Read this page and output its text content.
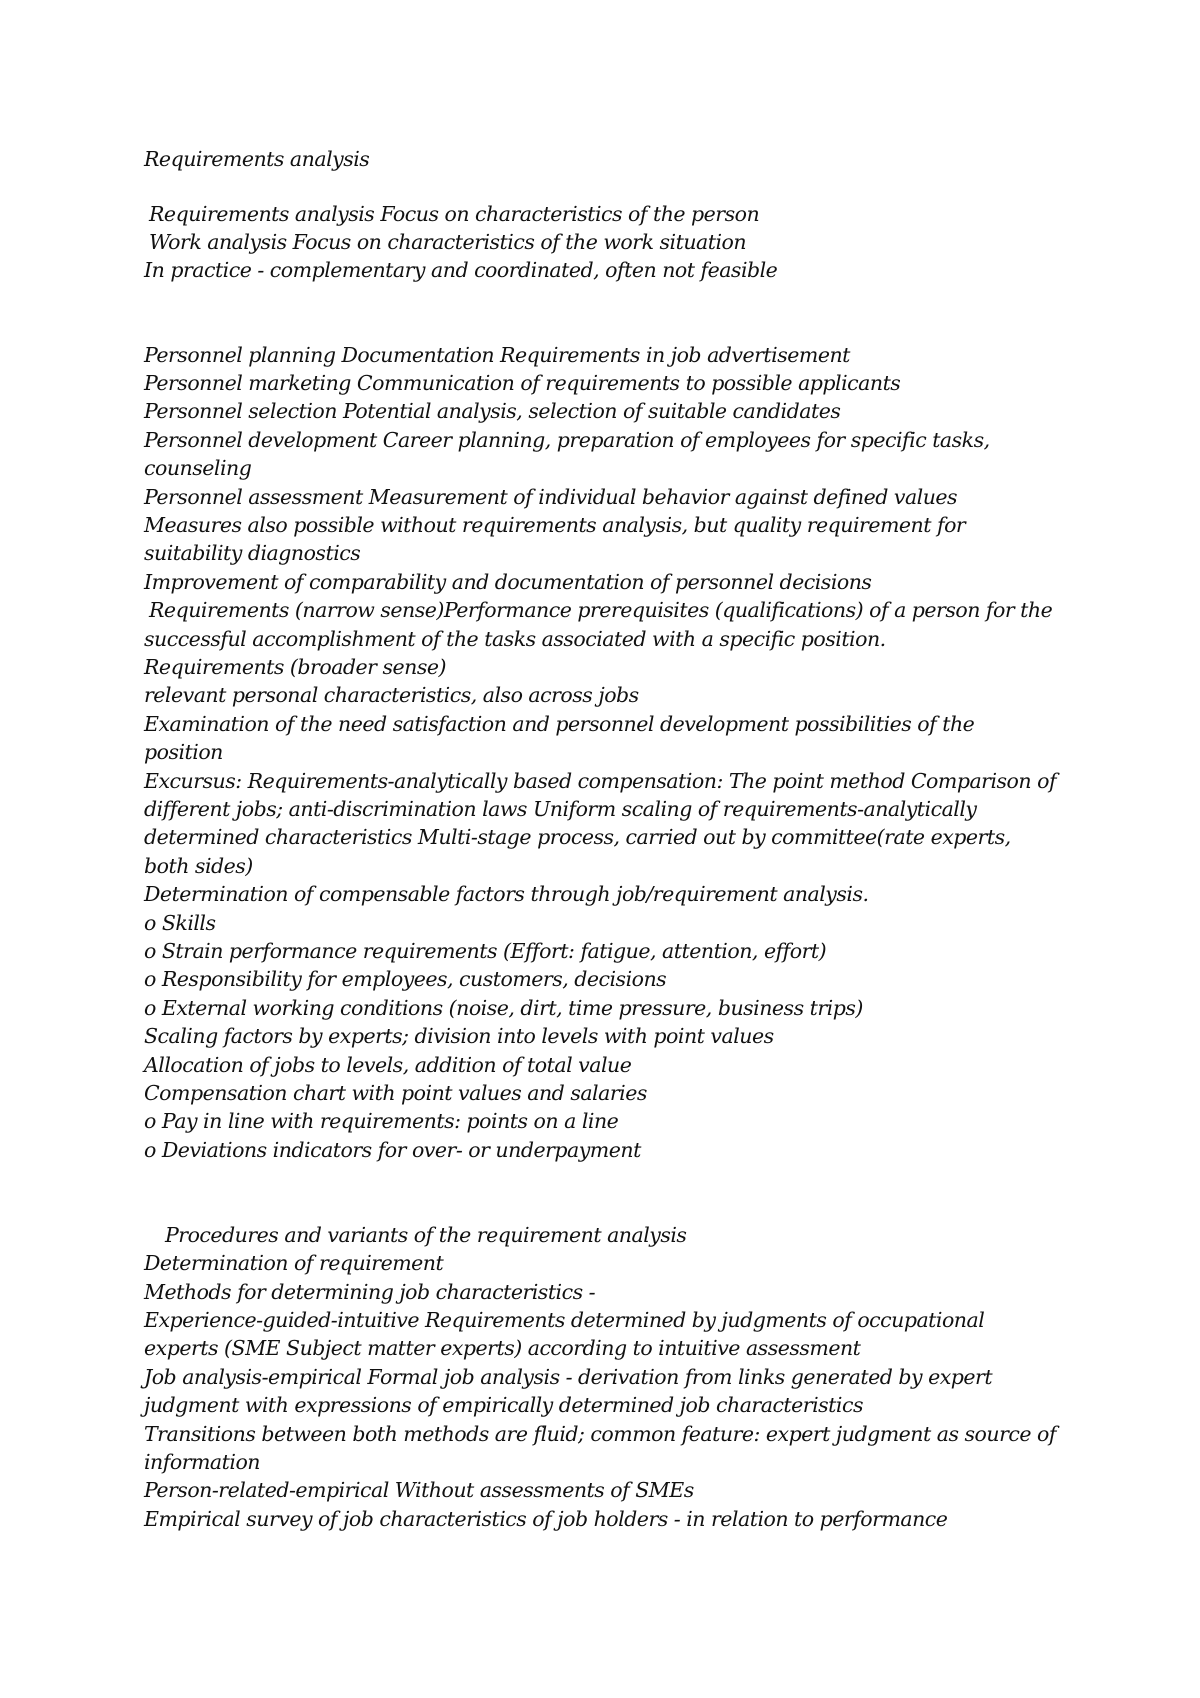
Requirements analysis
Requirements analysis Focus on characteristics of the person
Work analysis Focus on characteristics of the work situation
In practice - complementary and coordinated, often not feasible
Personnel planning Documentation Requirements in job advertisement
Personnel marketing Communication of requirements to possible applicants
Personnel selection Potential analysis, selection of suitable candidates
Personnel development Career planning, preparation of employees for specific tasks,
counseling
Personnel assessment Measurement of individual behavior against defined values
Measures also possible without requirements analysis, but quality requirement for
suitability diagnostics
Improvement of comparability and documentation of personnel decisions
Requirements (narrow sense)Performance prerequisites (qualifications) of a person for the
successful accomplishment of the tasks associated with a specific position.
Requirements (broader sense)
relevant personal characteristics, also across jobs
Examination of the need satisfaction and personnel development possibilities of the
position
Excursus: Requirements-analytically based compensation: The point method Comparison of
different jobs; anti-discrimination laws Uniform scaling of requirements-analytically
determined characteristics Multi-stage process, carried out by committee(rate experts,
both sides)
Determination of compensable factors through job/requirement analysis.
o Skills
o Strain performance requirements (Effort: fatigue, attention, effort)
o Responsibility for employees, customers, decisions
o External working conditions (noise, dirt, time pressure, business trips)
Scaling factors by experts; division into levels with point values
Allocation of jobs to levels, addition of total value
Compensation chart with point values and salaries
o Pay in line with requirements: points on a line
o Deviations indicators for over- or underpayment
Procedures and variants of the requirement analysis
Determination of requirement
Methods for determining job characteristics -
Experience-guided-intuitive Requirements determined by judgments of occupational
experts (SME Subject matter experts) according to intuitive assessment
Job analysis-empirical Formal job analysis - derivation from links generated by expert
judgment with expressions of empirically determined job characteristics
Transitions between both methods are fluid; common feature: expert judgment as source of
information
Person-related-empirical Without assessments of SMEs
Empirical survey of job characteristics of job holders - in relation to performance
